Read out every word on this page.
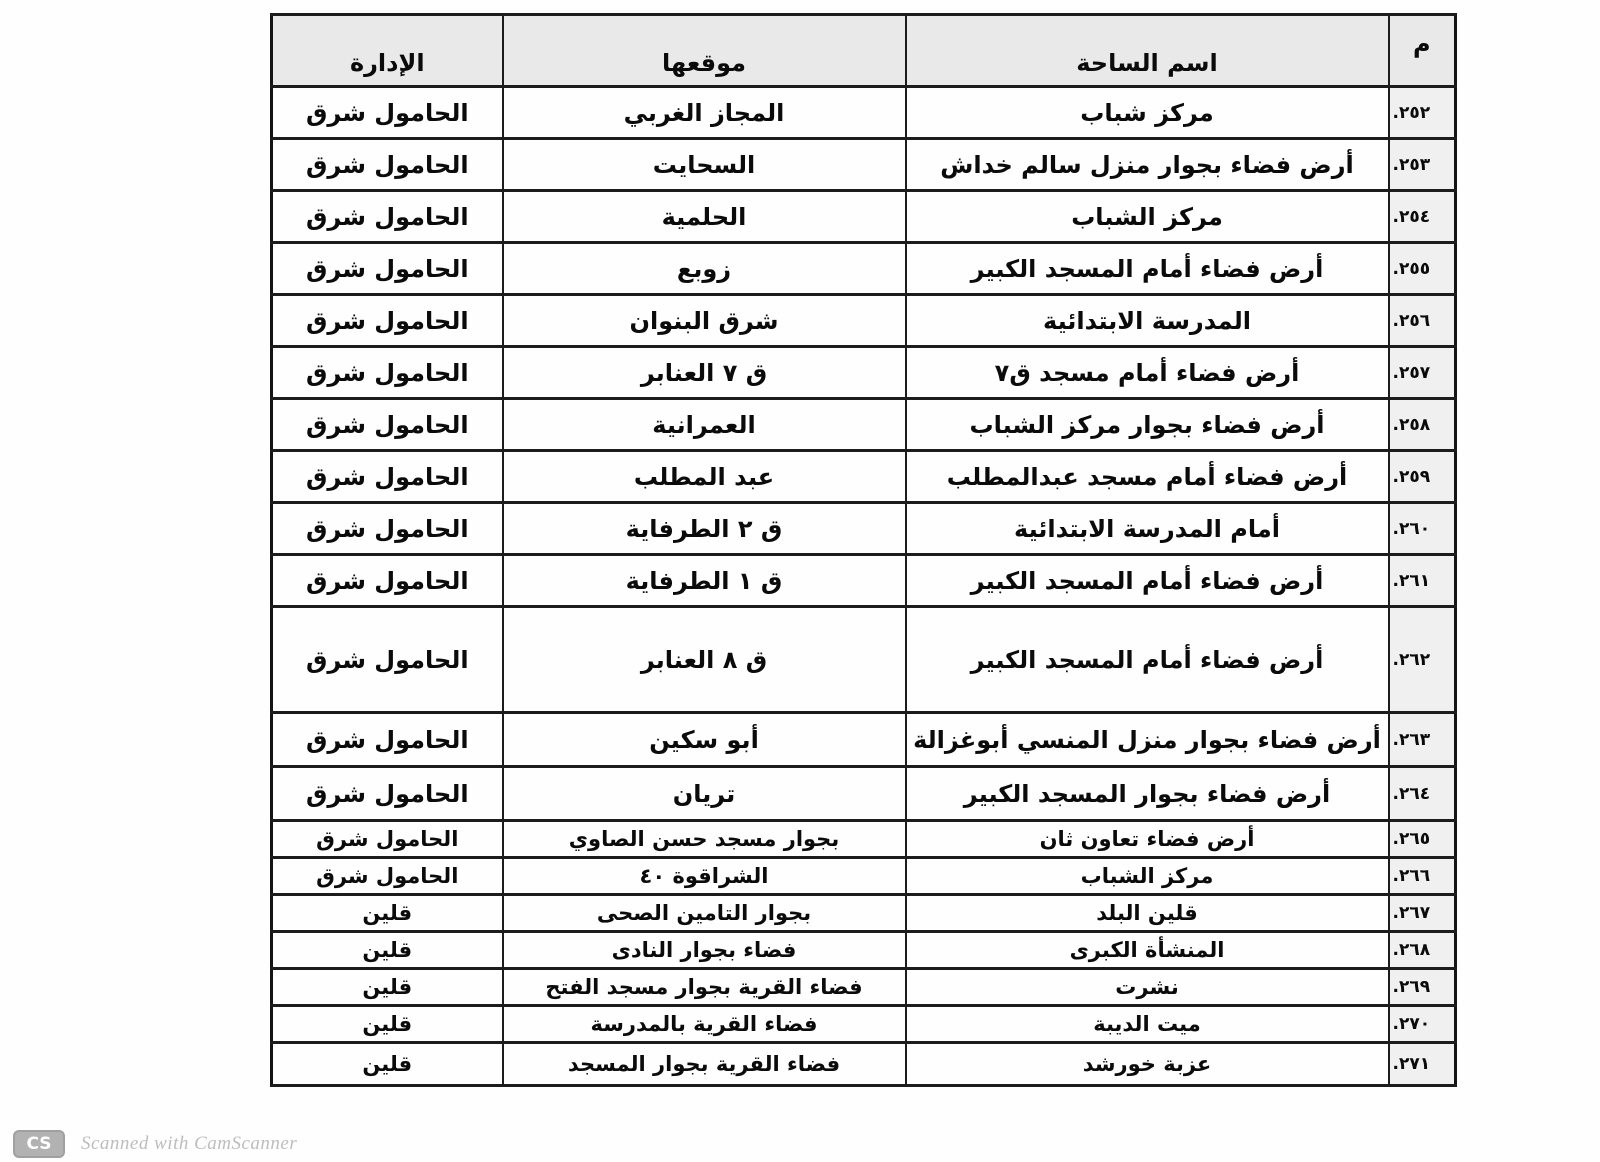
م	اسم الساحة	موقعها	الإدارة
٢٥٢.	مركز شباب	المجاز الغربي	الحامول شرق
٢٥٣.	أرض فضاء بجوار منزل سالم خداش	السحايت	الحامول شرق
٢٥٤.	مركز الشباب	الحلمية	الحامول شرق
٢٥٥.	أرض فضاء أمام المسجد الكبير	زوبع	الحامول شرق
٢٥٦.	المدرسة الابتدائية	شرق البنوان	الحامول شرق
٢٥٧.	أرض فضاء أمام مسجد ق٧	ق ٧ العنابر	الحامول شرق
٢٥٨.	أرض فضاء بجوار مركز الشباب	العمرانية	الحامول شرق
٢٥٩.	أرض فضاء أمام مسجد عبدالمطلب	عبد المطلب	الحامول شرق
٢٦٠.	أمام المدرسة الابتدائية	ق ٢ الطرفاية	الحامول شرق
٢٦١.	أرض فضاء أمام المسجد الكبير	ق ١ الطرفاية	الحامول شرق
٢٦٢.	أرض فضاء أمام المسجد الكبير	ق ٨ العنابر	الحامول شرق
٢٦٣.	أرض فضاء بجوار منزل المنسي أبوغزالة	أبو سكين	الحامول شرق
٢٦٤.	أرض فضاء بجوار المسجد الكبير	تريان	الحامول شرق
٢٦٥.	أرض فضاء تعاون ثان	بجوار مسجد حسن الصاوي	الحامول شرق
٢٦٦.	مركز الشباب	الشراقوة ٤٠	الحامول شرق
٢٦٧.	قلين البلد	بجوار التامين الصحى	قلين
٢٦٨.	المنشأة الكبرى	فضاء بجوار النادى	قلين
٢٦٩.	نشرت	فضاء القرية بجوار مسجد الفتح	قلين
٢٧٠.	ميت الديبة	فضاء القرية بالمدرسة	قلين
٢٧١.	عزبة خورشد	فضاء القرية بجوار المسجد	قلين
CS	Scanned with CamScanner
